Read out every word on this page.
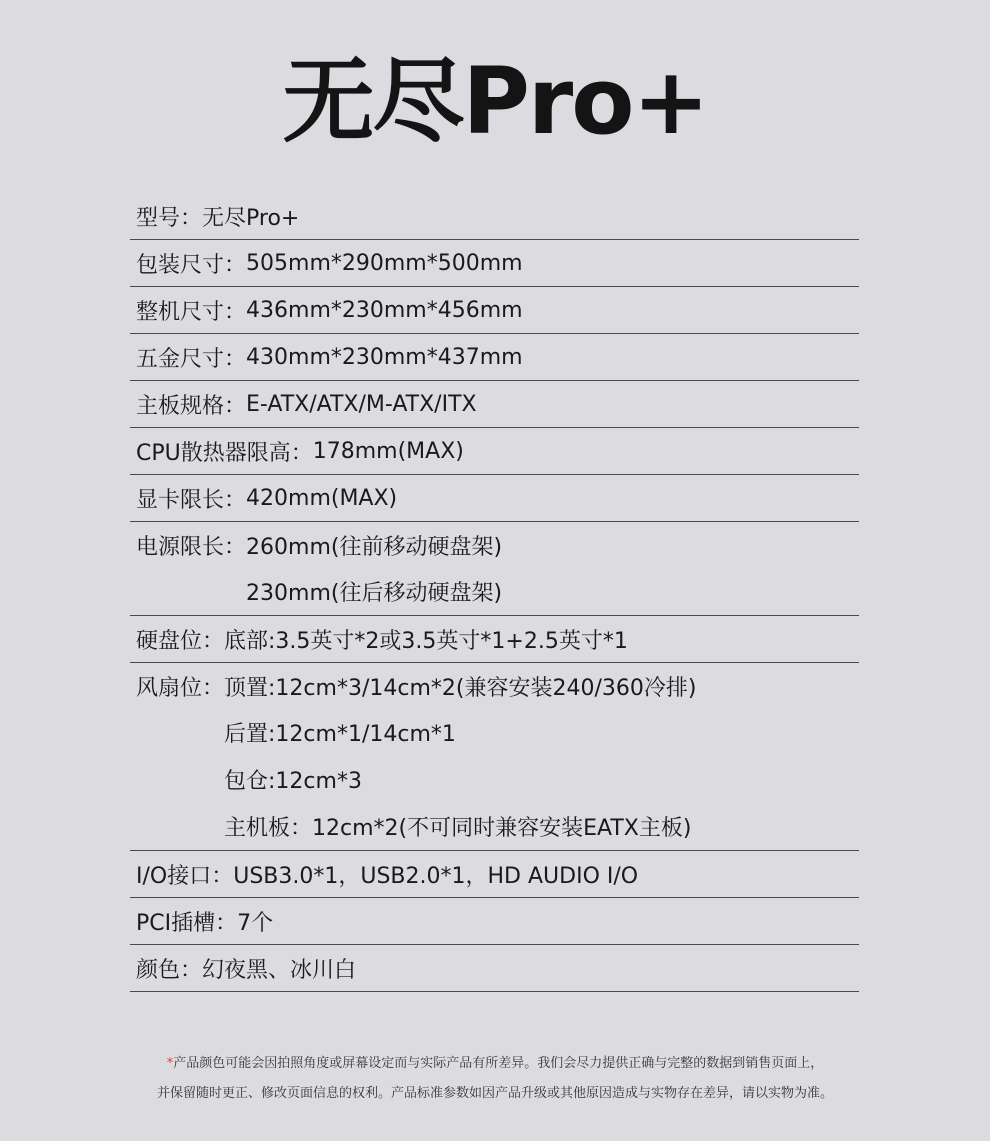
无尽Pro+
型号： 无尽Pro+
包装尺寸： 505mm*290mm*500mm
整机尺寸： 436mm*230mm*456mm
五金尺寸： 430mm*230mm*437mm
主板规格： E-ATX/ATX/M-ATX/ITX
CPU散热器限高： 178mm(MAX)
显卡限长： 420mm(MAX)
电源限长： 260mm(往前移动硬盘架)
230mm(往后移动硬盘架)
硬盘位： 底部:3.5英寸*2或3.5英寸*1+2.5英寸*1
风扇位： 顶置:12cm*3/14cm*2(兼容安装240/360冷排)
后置:12cm*1/14cm*1
包仓:12cm*3
主机板：12cm*2(不可同时兼容安装EATX主板)
I/O接口： USB3.0*1，USB2.0*1，HD AUDIO I/O
PCI插槽： 7个
颜色： 幻夜黑、冰川白
*产品颜色可能会因拍照角度或屏幕设定而与实际产品有所差异。我们会尽力提供正确与完整的数据到销售页面上，
并保留随时更正、修改页面信息的权利。产品标准参数如因产品升级或其他原因造成与实物存在差异，请以实物为准。
